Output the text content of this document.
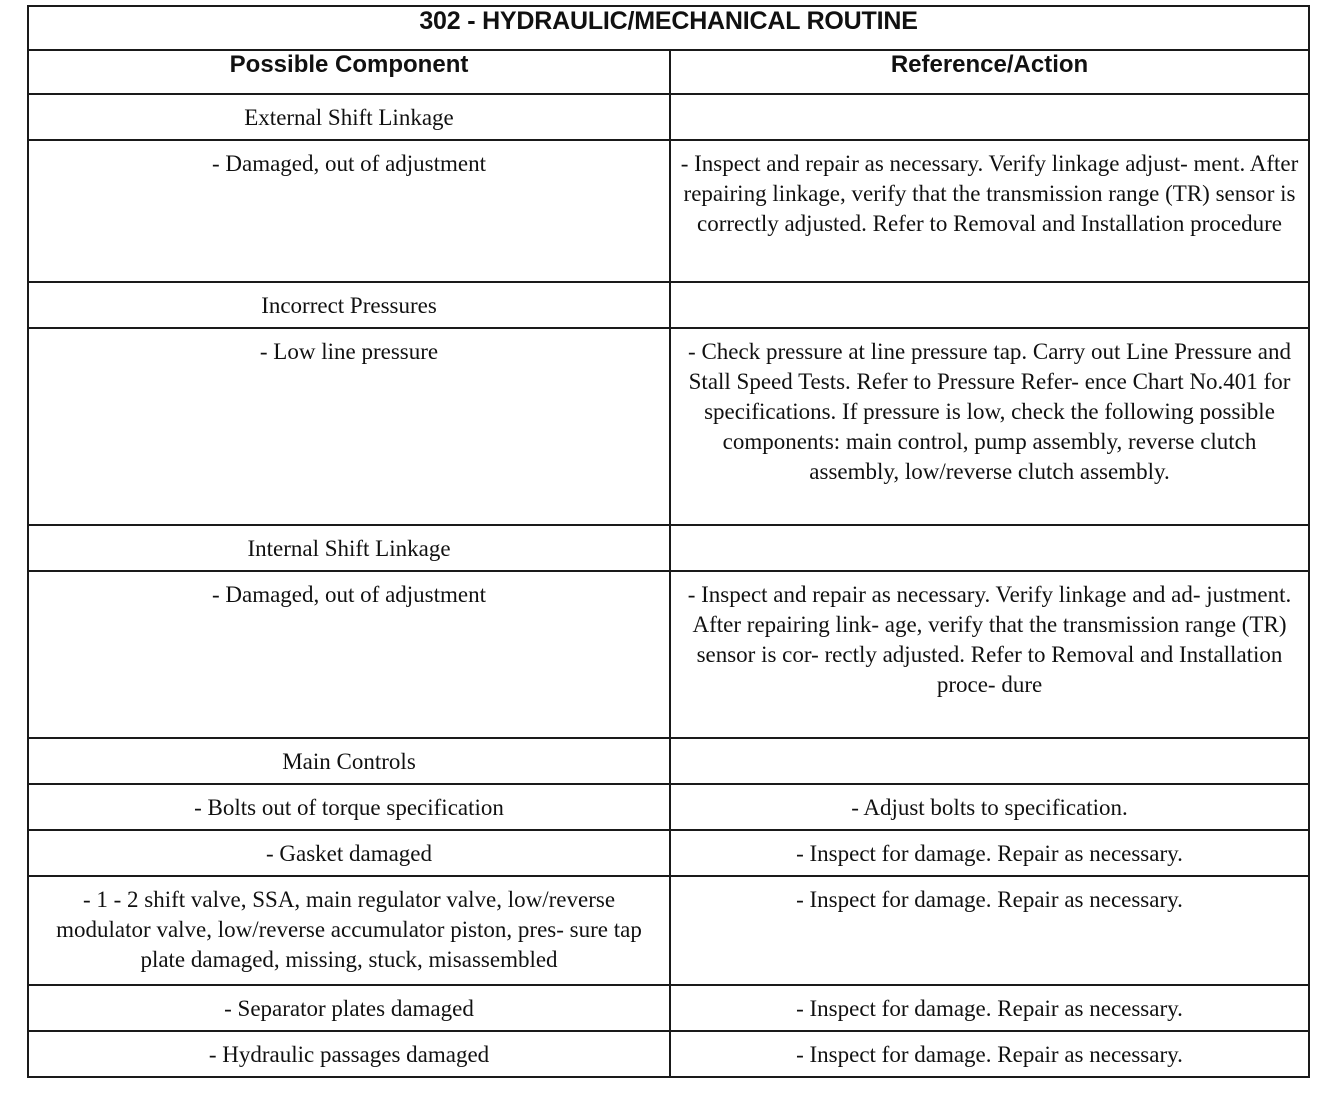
302 - HYDRAULIC/MECHANICAL ROUTINE	
Possible Component	Reference/Action

External Shift Linkage	

- Damaged, out of adjustment	- Inspect and repair as necessary. Verify linkage adjust- ment. After repairing linkage, verify that the transmission range (TR) sensor is correctly adjusted. Refer to Removal and Installation procedure

Incorrect Pressures	

- Low line pressure	- Check pressure at line pressure tap. Carry out Line Pressure and Stall Speed Tests. Refer to Pressure Refer- ence Chart No.401 for specifications. If pressure is low, check the following possible components: main control, pump assembly, reverse clutch assembly, low/reverse clutch assembly.

Internal Shift Linkage	

- Damaged, out of adjustment	- Inspect and repair as necessary. Verify linkage and ad- justment. After repairing link- age, verify that the transmission range (TR) sensor is cor- rectly adjusted. Refer to Removal and Installation proce- dure

Main Controls	

- Bolts out of torque specification	- Adjust bolts to specification.

- Gasket damaged	- Inspect for damage. Repair as necessary.

- 1 - 2 shift valve, SSA, main regulator valve, low/reverse modulator valve, low/reverse accumulator piston, pres- sure tap plate damaged, missing, stuck, misassembled	- Inspect for damage. Repair as necessary.

- Separator plates damaged	- Inspect for damage. Repair as necessary.

- Hydraulic passages damaged	- Inspect for damage. Repair as necessary.
